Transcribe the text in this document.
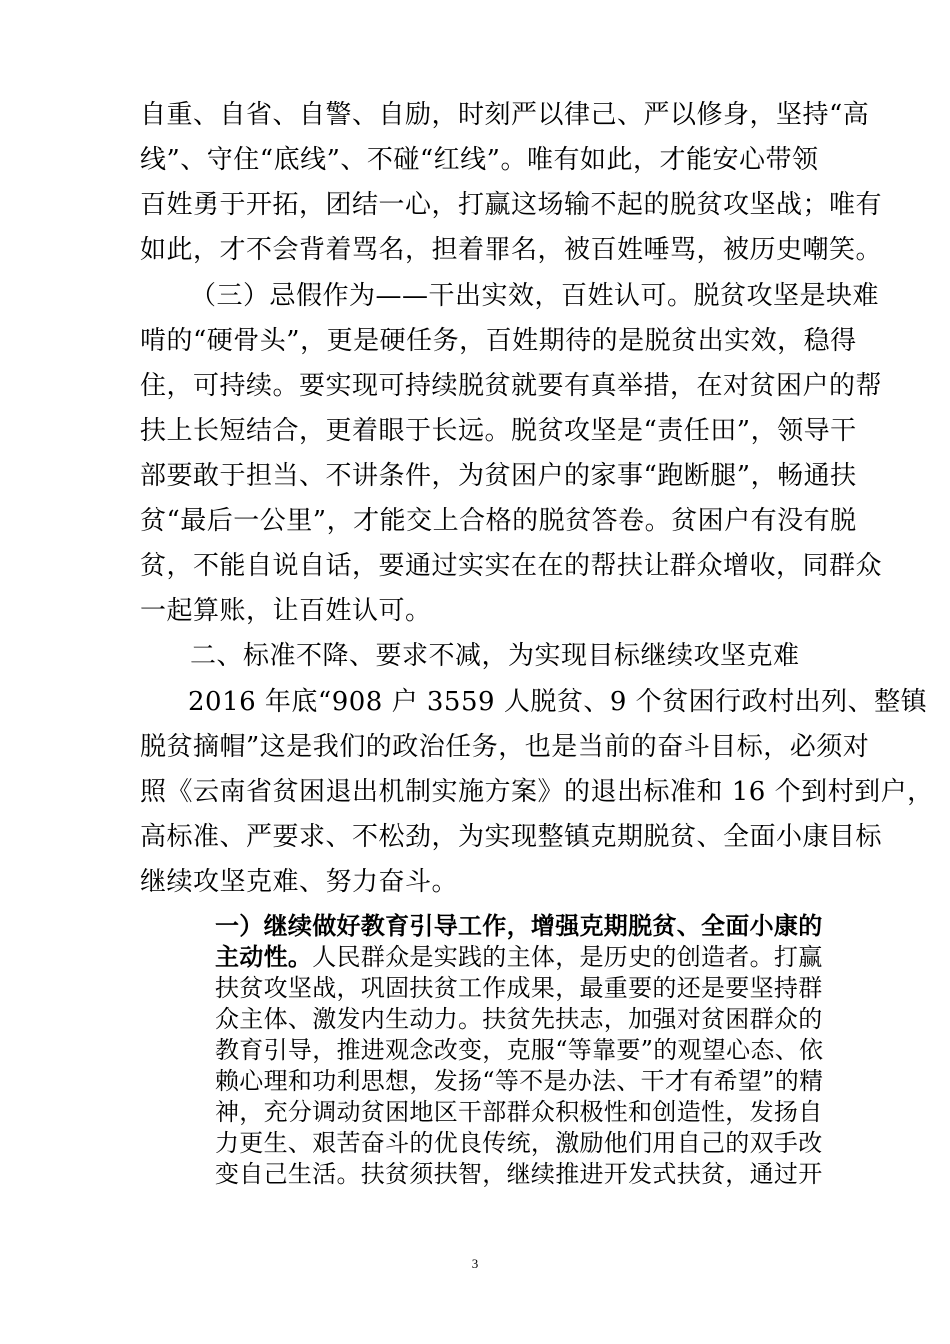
自重、自省、自警、自励，时刻严以律己、严以修身，坚持“高
线”、守住“底线”、不碰“红线”。唯有如此，才能安心带领
百姓勇于开拓，团结一心，打赢这场输不起的脱贫攻坚战；唯有
如此，才不会背着骂名，担着罪名，被百姓唾骂，被历史嘲笑。
（三）忌假作为——干出实效，百姓认可。脱贫攻坚是块难
啃的“硬骨头”，更是硬任务，百姓期待的是脱贫出实效，稳得
住，可持续。要实现可持续脱贫就要有真举措，在对贫困户的帮
扶上长短结合，更着眼于长远。脱贫攻坚是“责任田”，领导干
部要敢于担当、不讲条件，为贫困户的家事“跑断腿”，畅通扶
贫“最后一公里”，才能交上合格的脱贫答卷。贫困户有没有脱
贫，不能自说自话，要通过实实在在的帮扶让群众增收，同群众
一起算账，让百姓认可。
二、标准不降、要求不减，为实现目标继续攻坚克难
2016 年底“908 户 3559 人脱贫、9 个贫困行政村出列、整镇
脱贫摘帽”这是我们的政治任务，也是当前的奋斗目标，必须对
照《云南省贫困退出机制实施方案》的退出标准和 16 个到村到户，
高标准、严要求、不松劲，为实现整镇克期脱贫、全面小康目标
继续攻坚克难、努力奋斗。
一）继续做好教育引导工作，增强克期脱贫、全面小康的
主动性。人民群众是实践的主体，是历史的创造者。打赢
扶贫攻坚战，巩固扶贫工作成果，最重要的还是要坚持群
众主体、激发内生动力。扶贫先扶志，加强对贫困群众的
教育引导，推进观念改变，克服“等靠要”的观望心态、依
赖心理和功利思想，发扬“等不是办法、干才有希望”的精
神，充分调动贫困地区干部群众积极性和创造性，发扬自
力更生、艰苦奋斗的优良传统，激励他们用自己的双手改
变自己生活。扶贫须扶智，继续推进开发式扶贫，通过开
3
